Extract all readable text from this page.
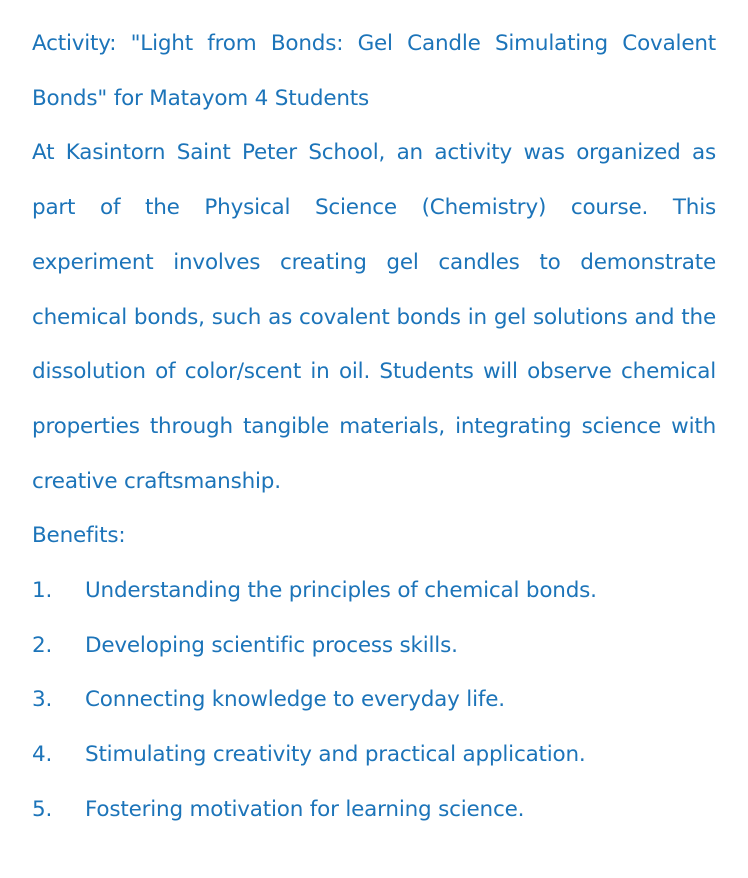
Activity: "Light from Bonds: Gel Candle Simulating Covalent Bonds" for Matayom 4 Students

At Kasintorn Saint Peter School, an activity was organized as part of the Physical Science (Chemistry) course. This experiment involves creating gel candles to demonstrate chemical bonds, such as covalent bonds in gel solutions and the dissolution of color/scent in oil. Students will observe chemical properties through tangible materials, integrating science with creative craftsmanship.

Benefits:

1.	Understanding the principles of chemical bonds.
2.	Developing scientific process skills.
3.	Connecting knowledge to everyday life.
4.	Stimulating creativity and practical application.
5.	Fostering motivation for learning science.
